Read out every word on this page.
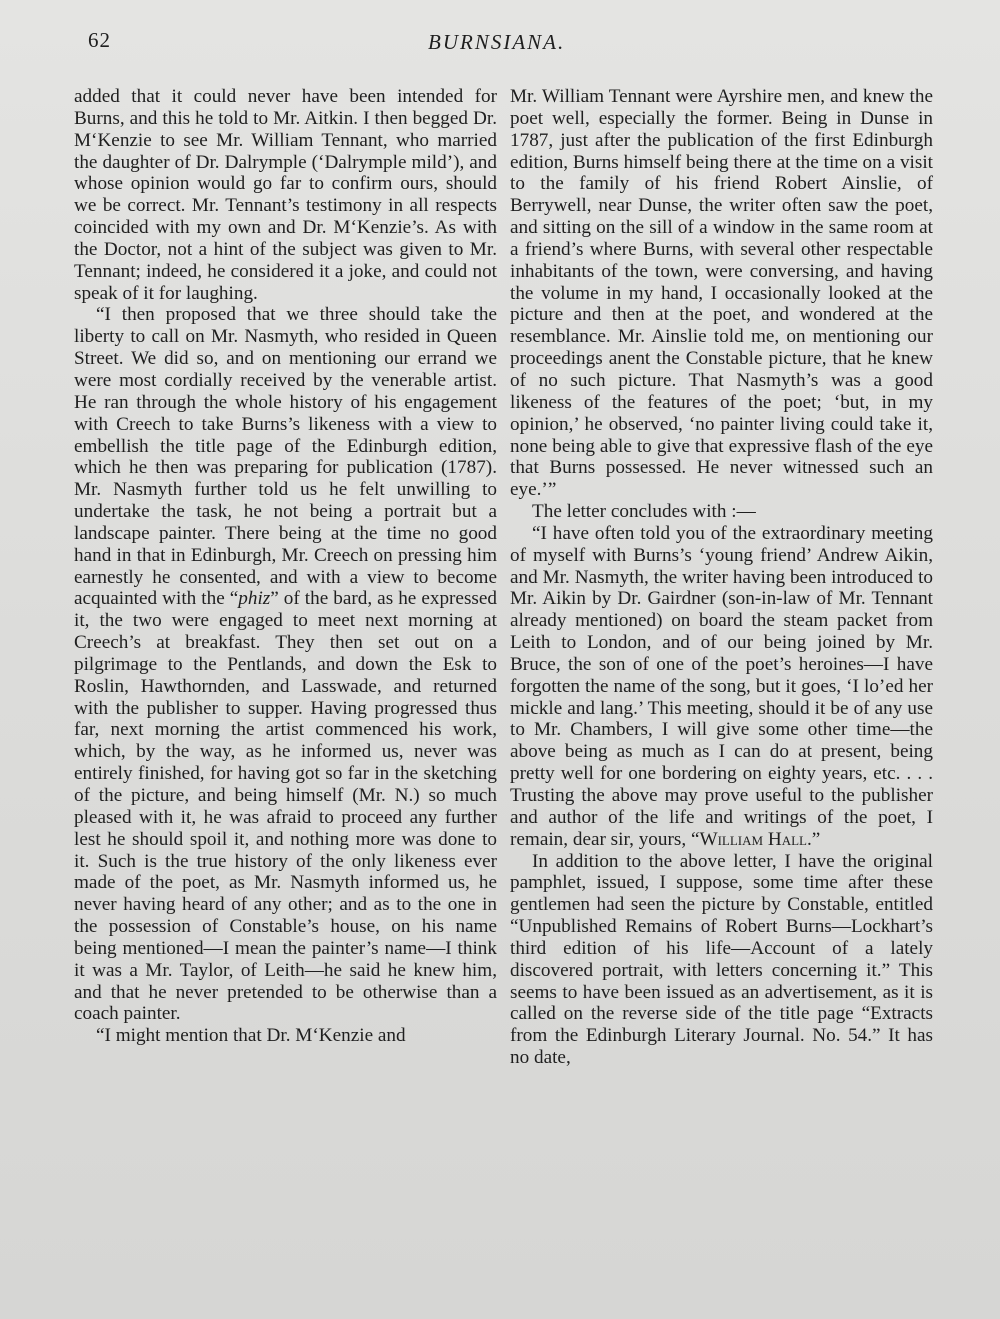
62	BURNSIANA.

added that it could never have been intended for Burns, and this he told to Mr. Aitkin. I then begged Dr. M‘Kenzie to see Mr. William Tennant, who married the daughter of Dr. Dalrymple (‘Dalrymple mild’), and whose opinion would go far to confirm ours, should we be correct. Mr. Tennant’s testimony in all respects coincided with my own and Dr. M‘Kenzie’s. As with the Doctor, not a hint of the subject was given to Mr. Tennant; indeed, he considered it a joke, and could not speak of it for laughing.

“I then proposed that we three should take the liberty to call on Mr. Nasmyth, who resided in Queen Street. We did so, and on mentioning our errand we were most cordially received by the venerable artist. He ran through the whole history of his engagement with Creech to take Burns’s likeness with a view to embellish the title page of the Edinburgh edition, which he then was preparing for publication (1787). Mr. Nasmyth further told us he felt unwilling to undertake the task, he not being a portrait but a landscape painter. There being at the time no good hand in that in Edinburgh, Mr. Creech on pressing him earnestly he consented, and with a view to become acquainted with the “phiz” of the bard, as he expressed it, the two were engaged to meet next morning at Creech’s at breakfast. They then set out on a pilgrimage to the Pentlands, and down the Esk to Roslin, Hawthornden, and Lasswade, and returned with the publisher to supper. Having progressed thus far, next morning the artist commenced his work, which, by the way, as he informed us, never was entirely finished, for having got so far in the sketching of the picture, and being himself (Mr. N.) so much pleased with it, he was afraid to proceed any further lest he should spoil it, and nothing more was done to it. Such is the true history of the only likeness ever made of the poet, as Mr. Nasmyth informed us, he never having heard of any other; and as to the one in the possession of Constable’s house, on his name being mentioned—I mean the painter’s name—I think it was a Mr. Taylor, of Leith—he said he knew him, and that he never pretended to be otherwise than a coach painter.

“I might mention that Dr. M‘Kenzie and

Mr. William Tennant were Ayrshire men, and knew the poet well, especially the former. Being in Dunse in 1787, just after the publication of the first Edinburgh edition, Burns himself being there at the time on a visit to the family of his friend Robert Ainslie, of Berrywell, near Dunse, the writer often saw the poet, and sitting on the sill of a window in the same room at a friend’s where Burns, with several other respectable inhabitants of the town, were conversing, and having the volume in my hand, I occasionally looked at the picture and then at the poet, and wondered at the resemblance. Mr. Ainslie told me, on mentioning our proceedings anent the Constable picture, that he knew of no such picture. That Nasmyth’s was a good likeness of the features of the poet; ‘but, in my opinion,’ he observed, ‘no painter living could take it, none being able to give that expressive flash of the eye that Burns possessed. He never witnessed such an eye.’”

The letter concludes with :—

“I have often told you of the extraordinary meeting of myself with Burns’s ‘young friend’ Andrew Aikin, and Mr. Nasmyth, the writer having been introduced to Mr. Aikin by Dr. Gairdner (son-in-law of Mr. Tennant already mentioned) on board the steam packet from Leith to London, and of our being joined by Mr. Bruce, the son of one of the poet’s heroines—I have forgotten the name of the song, but it goes, ‘I lo’ed her mickle and lang.’ This meeting, should it be of any use to Mr. Chambers, I will give some other time—the above being as much as I can do at present, being pretty well for one bordering on eighty years, etc. . . . Trusting the above may prove useful to the publisher and author of the life and writings of the poet, I remain, dear sir, yours, “William Hall.”

In addition to the above letter, I have the original pamphlet, issued, I suppose, some time after these gentlemen had seen the picture by Constable, entitled “Unpublished Remains of Robert Burns—Lockhart’s third edition of his life—Account of a lately discovered portrait, with letters concerning it.” This seems to have been issued as an advertisement, as it is called on the reverse side of the title page “Extracts from the Edinburgh Literary Journal. No. 54.” It has no date,
